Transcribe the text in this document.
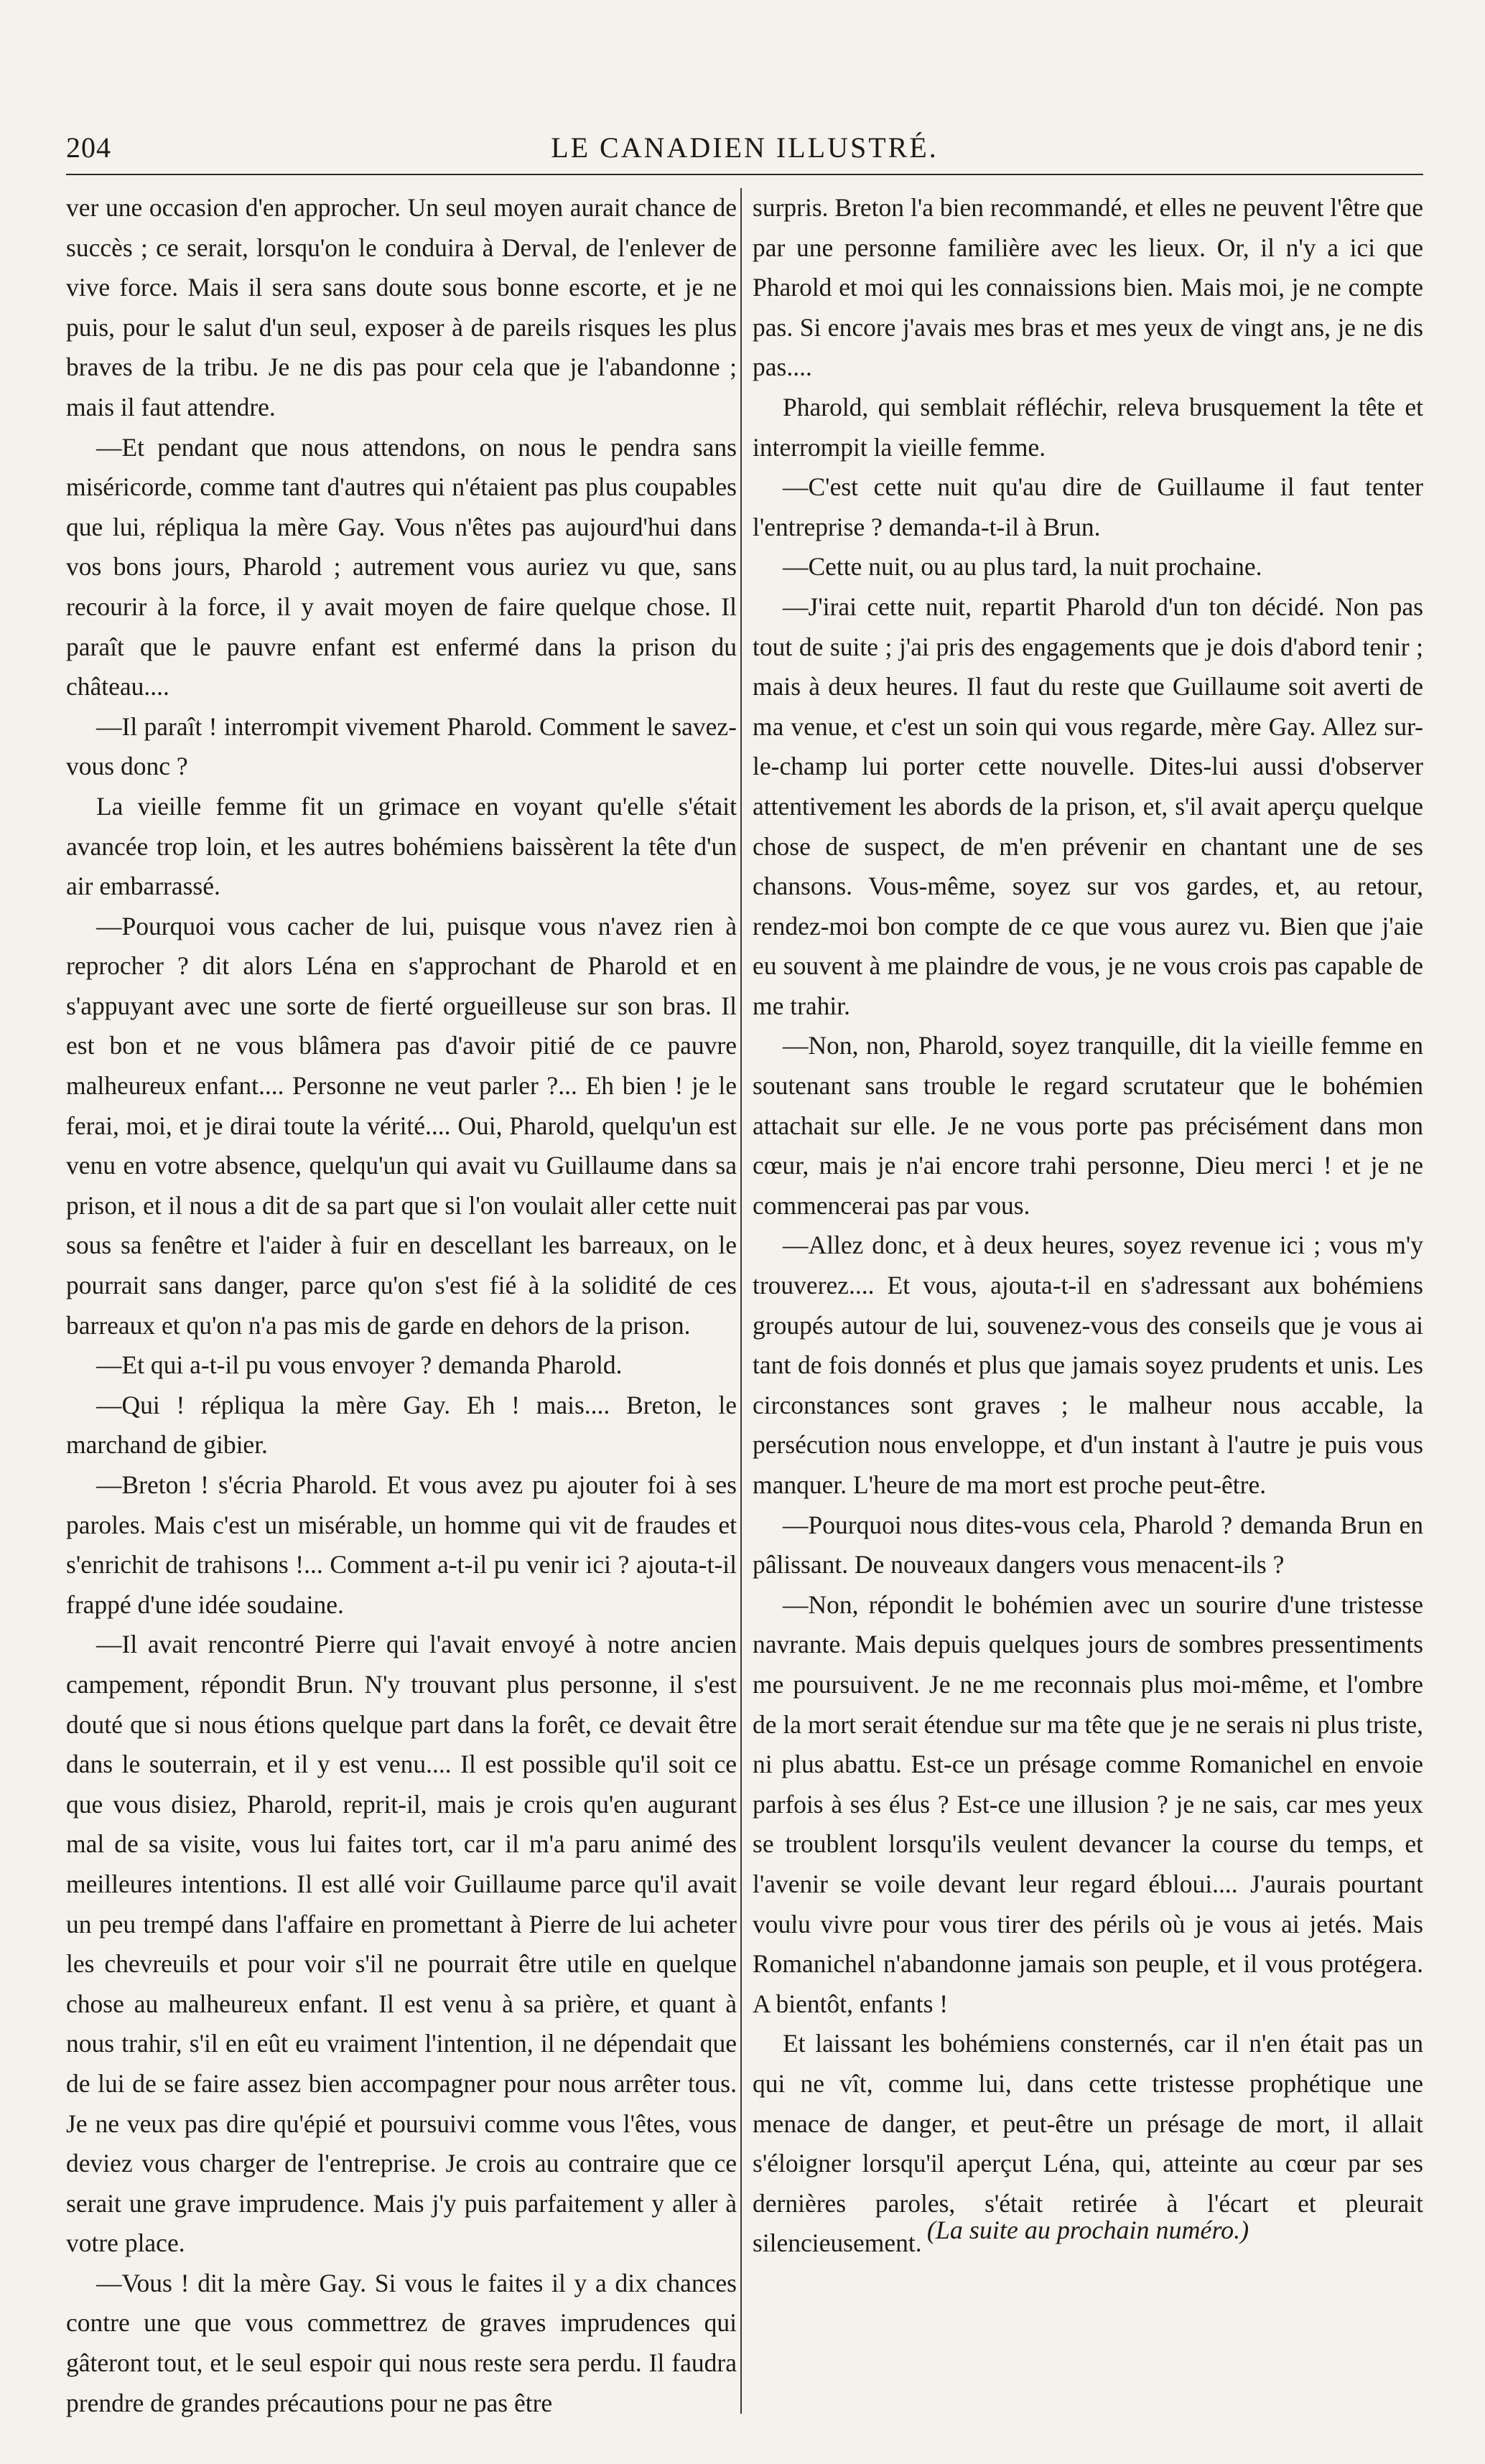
204	LE CANADIEN ILLUSTRÉ.

ver une occasion d'en approcher. Un seul moyen aurait chance de succès ; ce serait, lorsqu'on le conduira à Derval, de l'enlever de vive force. Mais il sera sans doute sous bonne escorte, et je ne puis, pour le salut d'un seul, exposer à de pareils risques les plus braves de la tribu. Je ne dis pas pour cela que je l'abandonne ; mais il faut attendre.

—Et pendant que nous attendons, on nous le pendra sans miséricorde, comme tant d'autres qui n'étaient pas plus coupables que lui, répliqua la mère Gay. Vous n'êtes pas aujourd'hui dans vos bons jours, Pharold ; autrement vous auriez vu que, sans recourir à la force, il y avait moyen de faire quelque chose. Il paraît que le pauvre enfant est enfermé dans la prison du château....

—Il paraît ! interrompit vivement Pharold. Comment le savez-vous donc ?

La vieille femme fit un grimace en voyant qu'elle s'était avancée trop loin, et les autres bohémiens baissèrent la tête d'un air embarrassé.

—Pourquoi vous cacher de lui, puisque vous n'avez rien à reprocher ? dit alors Léna en s'approchant de Pharold et en s'appuyant avec une sorte de fierté orgueilleuse sur son bras. Il est bon et ne vous blâmera pas d'avoir pitié de ce pauvre malheureux enfant.... Personne ne veut parler ?... Eh bien ! je le ferai, moi, et je dirai toute la vérité.... Oui, Pharold, quelqu'un est venu en votre absence, quelqu'un qui avait vu Guillaume dans sa prison, et il nous a dit de sa part que si l'on voulait aller cette nuit sous sa fenêtre et l'aider à fuir en descellant les barreaux, on le pourrait sans danger, parce qu'on s'est fié à la solidité de ces barreaux et qu'on n'a pas mis de garde en dehors de la prison.

—Et qui a-t-il pu vous envoyer ? demanda Pharold.

—Qui ! répliqua la mère Gay. Eh ! mais.... Breton, le marchand de gibier.

—Breton ! s'écria Pharold. Et vous avez pu ajouter foi à ses paroles. Mais c'est un misérable, un homme qui vit de fraudes et s'enrichit de trahisons !... Comment a-t-il pu venir ici ? ajouta-t-il frappé d'une idée soudaine.

—Il avait rencontré Pierre qui l'avait envoyé à notre ancien campement, répondit Brun. N'y trouvant plus personne, il s'est douté que si nous étions quelque part dans la forêt, ce devait être dans le souterrain, et il y est venu.... Il est possible qu'il soit ce que vous disiez, Pharold, reprit-il, mais je crois qu'en augurant mal de sa visite, vous lui faites tort, car il m'a paru animé des meilleures intentions. Il est allé voir Guillaume parce qu'il avait un peu trempé dans l'affaire en promettant à Pierre de lui acheter les chevreuils et pour voir s'il ne pourrait être utile en quelque chose au malheureux enfant. Il est venu à sa prière, et quant à nous trahir, s'il en eût eu vraiment l'intention, il ne dépendait que de lui de se faire assez bien accompagner pour nous arrêter tous. Je ne veux pas dire qu'épié et poursuivi comme vous l'êtes, vous deviez vous charger de l'entreprise. Je crois au contraire que ce serait une grave imprudence. Mais j'y puis parfaitement y aller à votre place.

—Vous ! dit la mère Gay. Si vous le faites il y a dix chances contre une que vous commettrez de graves imprudences qui gâteront tout, et le seul espoir qui nous reste sera perdu. Il faudra prendre de grandes précautions pour ne pas être

surpris. Breton l'a bien recommandé, et elles ne peuvent l'être que par une personne familière avec les lieux. Or, il n'y a ici que Pharold et moi qui les connaissions bien. Mais moi, je ne compte pas. Si encore j'avais mes bras et mes yeux de vingt ans, je ne dis pas....

Pharold, qui semblait réfléchir, releva brusquement la tête et interrompit la vieille femme.

—C'est cette nuit qu'au dire de Guillaume il faut tenter l'entreprise ? demanda-t-il à Brun.

—Cette nuit, ou au plus tard, la nuit prochaine.

—J'irai cette nuit, repartit Pharold d'un ton décidé. Non pas tout de suite ; j'ai pris des engagements que je dois d'abord tenir ; mais à deux heures. Il faut du reste que Guillaume soit averti de ma venue, et c'est un soin qui vous regarde, mère Gay. Allez sur-le-champ lui porter cette nouvelle. Dites-lui aussi d'observer attentivement les abords de la prison, et, s'il avait aperçu quelque chose de suspect, de m'en prévenir en chantant une de ses chansons. Vous-même, soyez sur vos gardes, et, au retour, rendez-moi bon compte de ce que vous aurez vu. Bien que j'aie eu souvent à me plaindre de vous, je ne vous crois pas capable de me trahir.

—Non, non, Pharold, soyez tranquille, dit la vieille femme en soutenant sans trouble le regard scrutateur que le bohémien attachait sur elle. Je ne vous porte pas précisément dans mon cœur, mais je n'ai encore trahi personne, Dieu merci ! et je ne commencerai pas par vous.

—Allez donc, et à deux heures, soyez revenue ici ; vous m'y trouverez.... Et vous, ajouta-t-il en s'adressant aux bohémiens groupés autour de lui, souvenez-vous des conseils que je vous ai tant de fois donnés et plus que jamais soyez prudents et unis. Les circonstances sont graves ; le malheur nous accable, la persécution nous enveloppe, et d'un instant à l'autre je puis vous manquer. L'heure de ma mort est proche peut-être.

—Pourquoi nous dites-vous cela, Pharold ? demanda Brun en pâlissant. De nouveaux dangers vous menacent-ils ?

—Non, répondit le bohémien avec un sourire d'une tristesse navrante. Mais depuis quelques jours de sombres pressentiments me poursuivent. Je ne me reconnais plus moi-même, et l'ombre de la mort serait étendue sur ma tête que je ne serais ni plus triste, ni plus abattu. Est-ce un présage comme Romanichel en envoie parfois à ses élus ? Est-ce une illusion ? je ne sais, car mes yeux se troublent lorsqu'ils veulent devancer la course du temps, et l'avenir se voile devant leur regard ébloui.... J'aurais pourtant voulu vivre pour vous tirer des périls où je vous ai jetés. Mais Romanichel n'abandonne jamais son peuple, et il vous protégera. A bientôt, enfants !

Et laissant les bohémiens consternés, car il n'en était pas un qui ne vît, comme lui, dans cette tristesse prophétique une menace de danger, et peut-être un présage de mort, il allait s'éloigner lorsqu'il aperçut Léna, qui, atteinte au cœur par ses dernières paroles, s'était retirée à l'écart et pleurait silencieusement. (La suite au prochain numéro.)
